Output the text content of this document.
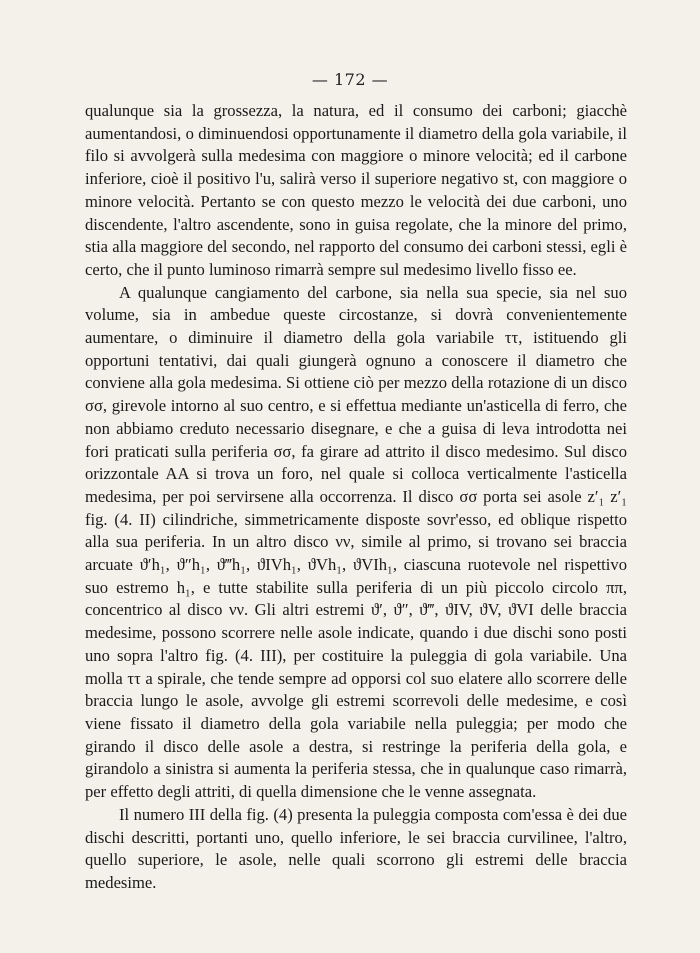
— 172 —

qualunque sia la grossezza, la natura, ed il consumo dei carboni; giacchè aumentandosi, o diminuendosi opportunamente il diametro della gola variabile, il filo si avvolgerà sulla medesima con maggiore o minore velocità; ed il carbone inferiore, cioè il positivo l'u, salirà verso il superiore negativo st, con maggiore o minore velocità. Pertanto se con questo mezzo le velocità dei due carboni, uno discendente, l'altro ascendente, sono in guisa regolate, che la minore del primo, stia alla maggiore del secondo, nel rapporto del consumo dei carboni stessi, egli è certo, che il punto luminoso rimarrà sempre sul medesimo livello fisso ee.

A qualunque cangiamento del carbone, sia nella sua specie, sia nel suo volume, sia in ambedue queste circostanze, si dovrà convenientemente aumentare, o diminuire il diametro della gola variabile ττ, istituendo gli opportuni tentativi, dai quali giungerà ognuno a conoscere il diametro che conviene alla gola medesima. Si ottiene ciò per mezzo della rotazione di un disco σσ, girevole intorno al suo centro, e si effettua mediante un'asticella di ferro, che non abbiamo creduto necessario disegnare, e che a guisa di leva introdotta nei fori praticati sulla periferia σσ, fa girare ad attrito il disco medesimo. Sul disco orizzontale AA si trova un foro, nel quale si colloca verticalmente l'asticella medesima, per poi servirsene alla occorrenza. Il disco σσ porta sei asole z′₁ z′₁ fig. (4. II) cilindriche, simmetricamente disposte sovr'esso, ed oblique rispetto alla sua periferia. In un altro disco νν, simile al primo, si trovano sei braccia arcuate ϑ′h₁, ϑ″h₁, ϑ‴h₁, ϑIVh₁, ϑVh₁, ϑVIh₁, ciascuna ruotevole nel rispettivo suo estremo h₁, e tutte stabilite sulla periferia di un più piccolo circolo ππ, concentrico al disco νν. Gli altri estremi ϑ′, ϑ″, ϑ‴, ϑIV, ϑV, ϑVI delle braccia medesime, possono scorrere nelle asole indicate, quando i due dischi sono posti uno sopra l'altro fig. (4. III), per costituire la puleggia di gola variabile. Una molla ττ a spirale, che tende sempre ad opporsi col suo elatere allo scorrere delle braccia lungo le asole, avvolge gli estremi scorrevoli delle medesime, e così viene fissato il diametro della gola variabile nella puleggia; per modo che girando il disco delle asole a destra, si restringe la periferia della gola, e girandolo a sinistra si aumenta la periferia stessa, che in qualunque caso rimarrà, per effetto degli attriti, di quella dimensione che le venne assegnata.

Il numero III della fig. (4) presenta la puleggia composta com'essa è dei due dischi descritti, portanti uno, quello inferiore, le sei braccia curvilinee, l'altro, quello superiore, le asole, nelle quali scorrono gli estremi delle braccia medesime.
